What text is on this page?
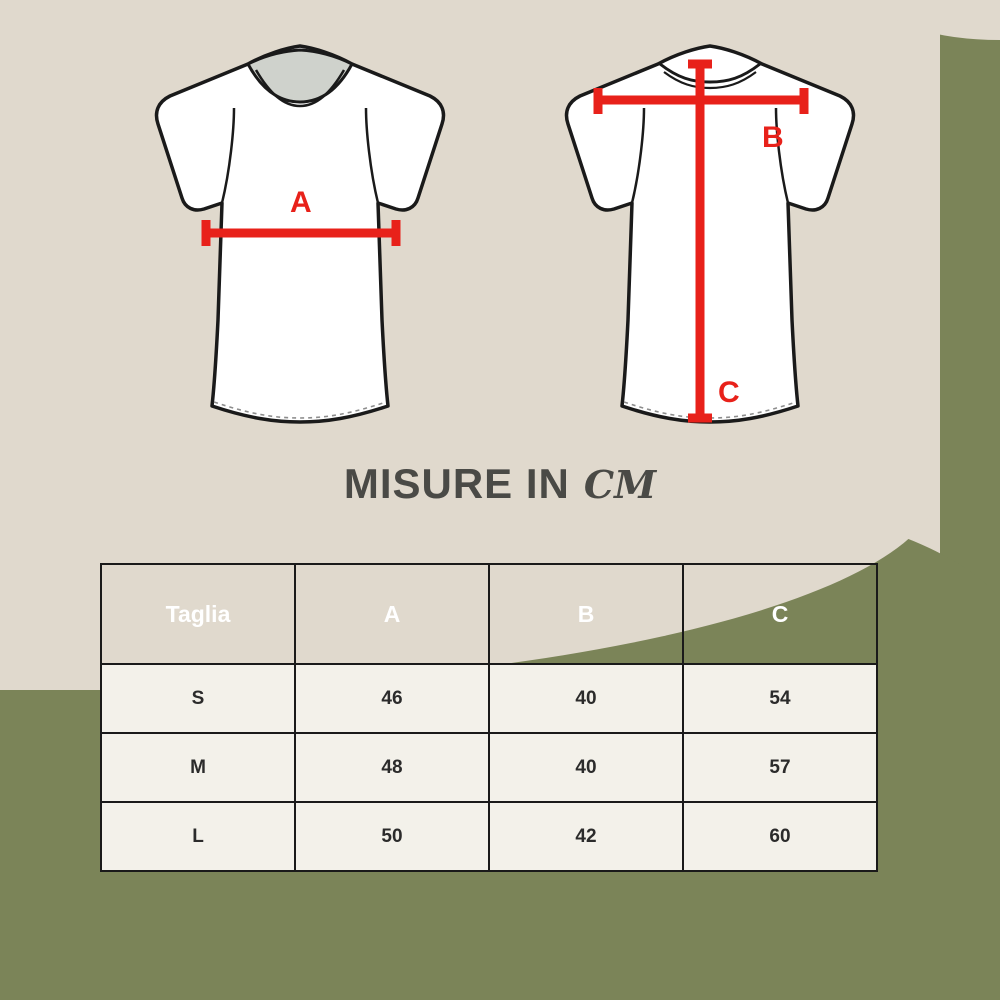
A
B
C
MISURE IN CM
Taglia	A	B	C
S	46	40	54
M	48	40	57
L	50	42	60
